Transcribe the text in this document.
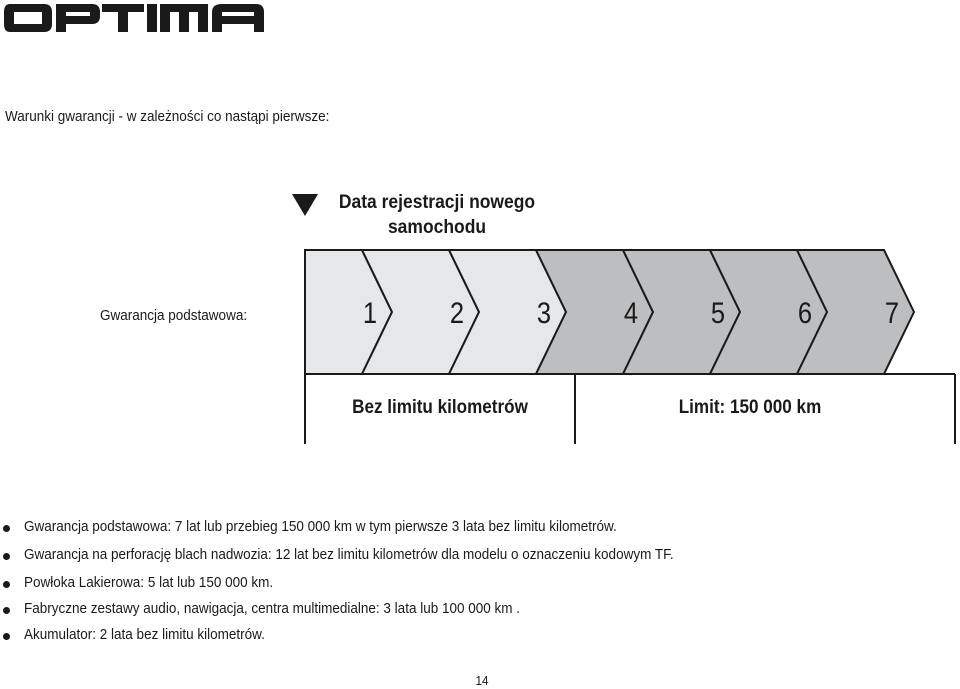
Warunki gwarancji - w zależności co nastąpi pierwsze:
Data rejestracji nowego
samochodu
Gwarancja podstawowa:	1	2	3	4	5	6	7
Bez limitu kilometrów	Limit: 150 000 km
Gwarancja podstawowa: 7 lat lub przebieg 150 000 km w tym pierwsze 3 lata bez limitu kilometrów.
Gwarancja na perforację blach nadwozia: 12 lat bez limitu kilometrów dla modelu o oznaczeniu kodowym TF.
Powłoka Lakierowa: 5 lat lub 150 000 km.
Fabryczne zestawy audio, nawigacja, centra multimedialne: 3 lata lub 100 000 km .
Akumulator: 2 lata bez limitu kilometrów.
14
